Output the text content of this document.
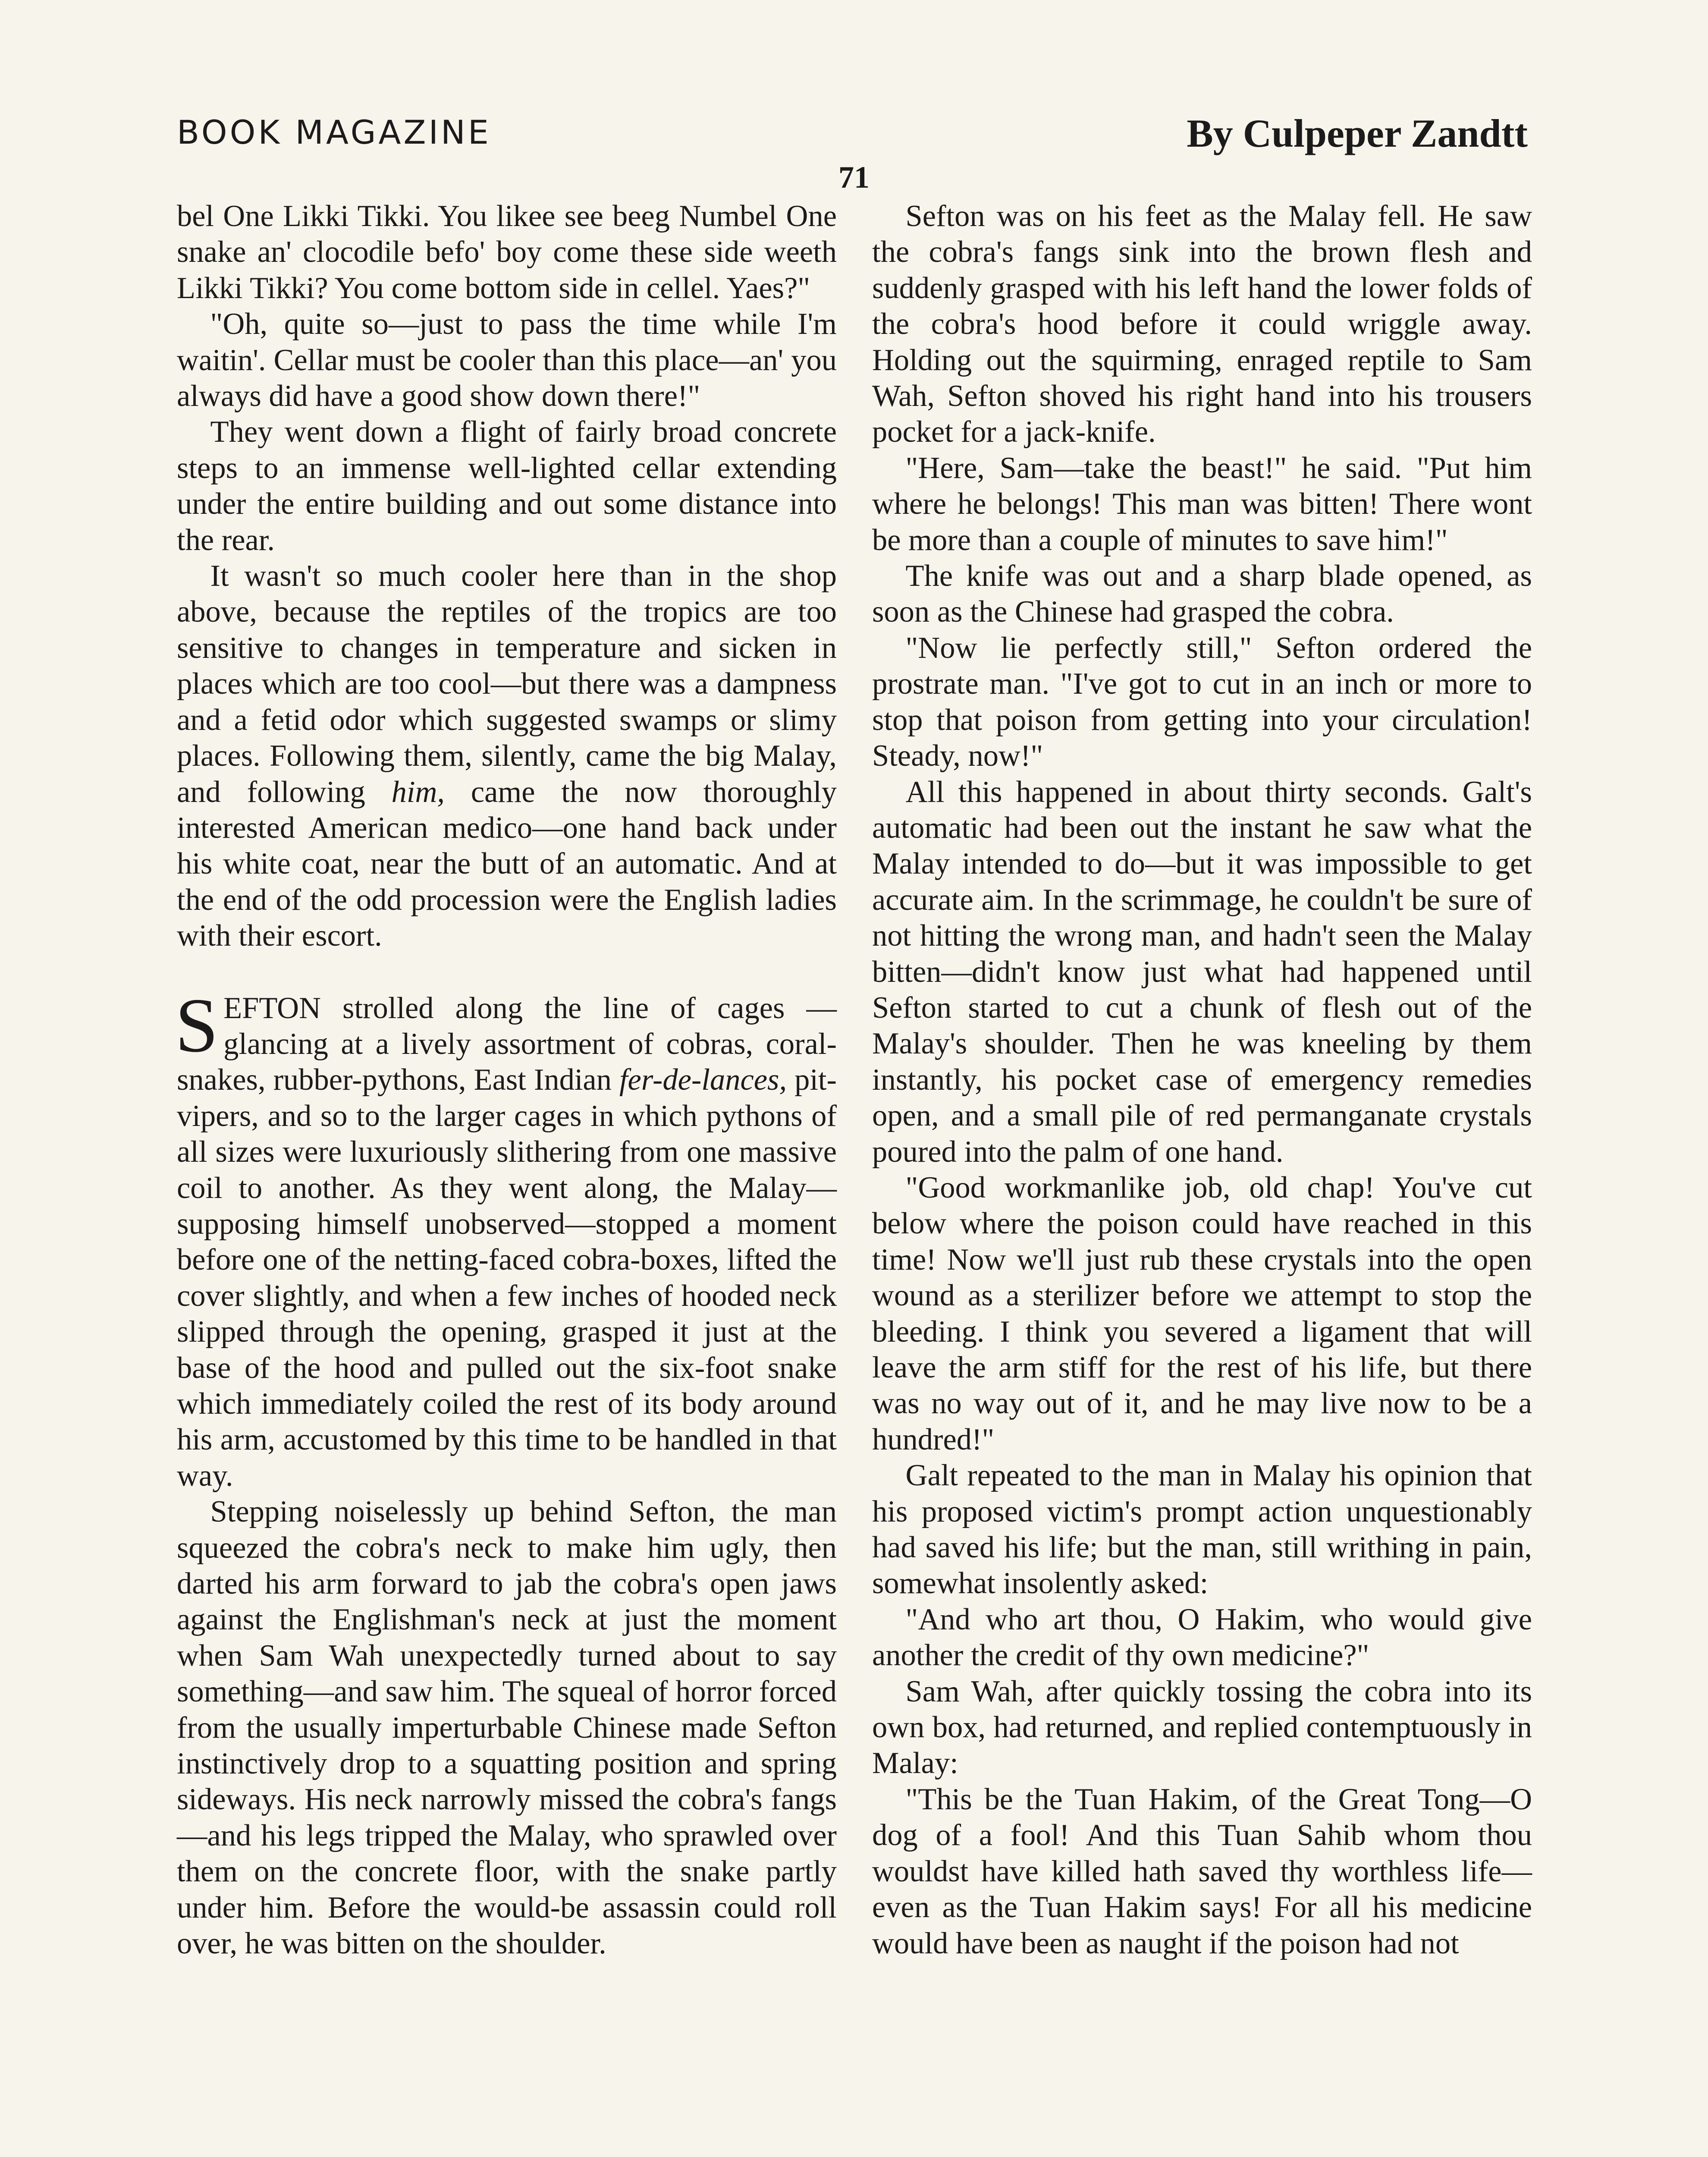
BOOK MAGAZINE	By Culpeper Zandtt
71

bel One Likki Tikki. You likee see beeg Numbel One snake an' clocodile befo' boy come these side weeth Likki Tikki? You come bottom side in cellel. Yaes?"

"Oh, quite so—just to pass the time while I'm waitin'. Cellar must be cooler than this place—an' you always did have a good show down there!"

They went down a flight of fairly broad concrete steps to an immense well-lighted cellar extending under the entire building and out some distance into the rear.

It wasn't so much cooler here than in the shop above, because the reptiles of the tropics are too sensitive to changes in temperature and sicken in places which are too cool—but there was a dampness and a fetid odor which suggested swamps or slimy places. Following them, silently, came the big Malay, and following him, came the now thoroughly interested American medico—one hand back under his white coat, near the butt of an automatic. And at the end of the odd procession were the English ladies with their escort.

SEFTON strolled along the line of cages —glancing at a lively assortment of cobras, coral-snakes, rubber-pythons, East Indian fer-de-lances, pit-vipers, and so to the larger cages in which pythons of all sizes were luxuriously slithering from one massive coil to another. As they went along, the Malay—supposing himself unobserved—stopped a moment before one of the netting-faced cobra-boxes, lifted the cover slightly, and when a few inches of hooded neck slipped through the opening, grasped it just at the base of the hood and pulled out the six-foot snake which immediately coiled the rest of its body around his arm, accustomed by this time to be handled in that way.

Stepping noiselessly up behind Sefton, the man squeezed the cobra's neck to make him ugly, then darted his arm forward to jab the cobra's open jaws against the Englishman's neck at just the moment when Sam Wah unexpectedly turned about to say something—and saw him. The squeal of horror forced from the usually imperturbable Chinese made Sefton instinctively drop to a squatting position and spring sideways. His neck narrowly missed the cobra's fangs—and his legs tripped the Malay, who sprawled over them on the concrete floor, with the snake partly under him. Before the would-be assassin could roll over, he was bitten on the shoulder.

Sefton was on his feet as the Malay fell. He saw the cobra's fangs sink into the brown flesh and suddenly grasped with his left hand the lower folds of the cobra's hood before it could wriggle away. Holding out the squirming, enraged reptile to Sam Wah, Sefton shoved his right hand into his trousers pocket for a jack-knife.

"Here, Sam—take the beast!" he said. "Put him where he belongs! This man was bitten! There wont be more than a couple of minutes to save him!"

The knife was out and a sharp blade opened, as soon as the Chinese had grasped the cobra.

"Now lie perfectly still," Sefton ordered the prostrate man. "I've got to cut in an inch or more to stop that poison from getting into your circulation! Steady, now!"

All this happened in about thirty seconds. Galt's automatic had been out the instant he saw what the Malay intended to do—but it was impossible to get accurate aim. In the scrimmage, he couldn't be sure of not hitting the wrong man, and hadn't seen the Malay bitten—didn't know just what had happened until Sefton started to cut a chunk of flesh out of the Malay's shoulder. Then he was kneeling by them instantly, his pocket case of emergency remedies open, and a small pile of red permanganate crystals poured into the palm of one hand.

"Good workmanlike job, old chap! You've cut below where the poison could have reached in this time! Now we'll just rub these crystals into the open wound as a sterilizer before we attempt to stop the bleeding. I think you severed a ligament that will leave the arm stiff for the rest of his life, but there was no way out of it, and he may live now to be a hundred!"

Galt repeated to the man in Malay his opinion that his proposed victim's prompt action unquestionably had saved his life; but the man, still writhing in pain, somewhat insolently asked:

"And who art thou, O Hakim, who would give another the credit of thy own medicine?"

Sam Wah, after quickly tossing the cobra into its own box, had returned, and replied contemptuously in Malay:

"This be the Tuan Hakim, of the Great Tong—O dog of a fool! And this Tuan Sahib whom thou wouldst have killed hath saved thy worthless life—even as the Tuan Hakim says! For all his medicine would have been as naught if the poison had not
